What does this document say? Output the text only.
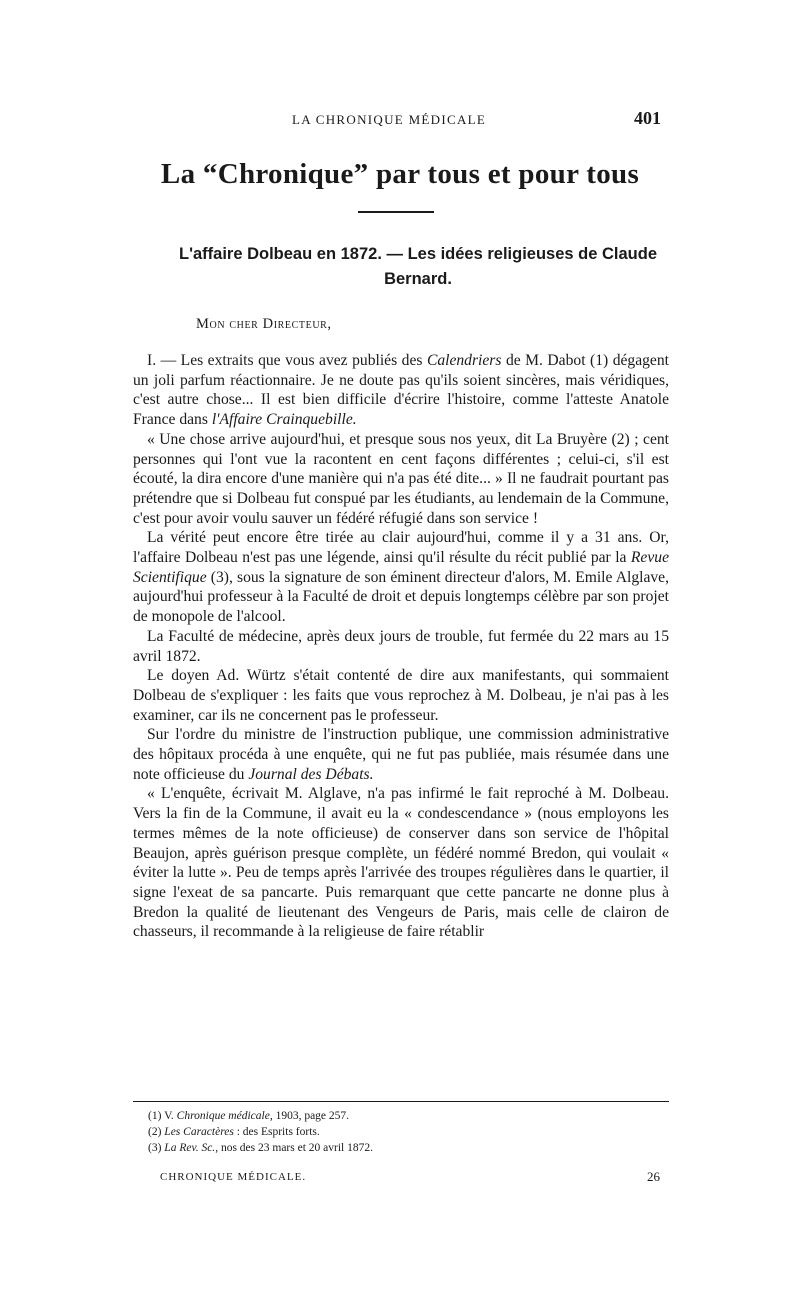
LA CHRONIQUE MÉDICALE	401
La “Chronique” par tous et pour tous
L'affaire Dolbeau en 1872. — Les idées religieuses de Claude Bernard.
Mon cher Directeur,

I. — Les extraits que vous avez publiés des Calendriers de M. Dabot (1) dégagent un joli parfum réactionnaire. Je ne doute pas qu'ils soient sincères, mais véridiques, c'est autre chose... Il est bien difficile d'écrire l'histoire, comme l'atteste Anatole France dans l'Affaire Crainquebille.

« Une chose arrive aujourd'hui, et presque sous nos yeux, dit La Bruyère (2) ; cent personnes qui l'ont vue la racontent en cent façons différentes ; celui-ci, s'il est écouté, la dira encore d'une manière qui n'a pas été dite... » Il ne faudrait pourtant pas prétendre que si Dolbeau fut conspué par les étudiants, au lendemain de la Commune, c'est pour avoir voulu sauver un fédéré réfugié dans son service !

La vérité peut encore être tirée au clair aujourd'hui, comme il y a 31 ans. Or, l'affaire Dolbeau n'est pas une légende, ainsi qu'il résulte du récit publié par la Revue Scientifique (3), sous la signature de son éminent directeur d'alors, M. Emile Alglave, aujourd'hui professeur à la Faculté de droit et depuis longtemps célèbre par son projet de monopole de l'alcool.

La Faculté de médecine, après deux jours de trouble, fut fermée du 22 mars au 15 avril 1872.

Le doyen Ad. Würtz s'était contenté de dire aux manifestants, qui sommaient Dolbeau de s'expliquer : les faits que vous reprochez à M. Dolbeau, je n'ai pas à les examiner, car ils ne concernent pas le professeur.

Sur l'ordre du ministre de l'instruction publique, une commission administrative des hôpitaux procéda à une enquête, qui ne fut pas publiée, mais résumée dans une note officieuse du Journal des Débats.

« L'enquête, écrivait M. Alglave, n'a pas infirmé le fait reproché à M. Dolbeau. Vers la fin de la Commune, il avait eu la « condescendance » (nous employons les termes mêmes de la note officieuse) de conserver dans son service de l'hôpital Beaujon, après guérison presque complète, un fédéré nommé Bredon, qui voulait « éviter la lutte ». Peu de temps après l'arrivée des troupes régulières dans le quartier, il signe l'exeat de sa pancarte. Puis remarquant que cette pancarte ne donne plus à Bredon la qualité de lieutenant des Vengeurs de Paris, mais celle de clairon de chasseurs, il recommande à la religieuse de faire rétablir

(1) V. Chronique médicale, 1903, page 257.
(2) Les Caractères : des Esprits forts.
(3) La Rev. Sc., nos des 23 mars et 20 avril 1872.
CHRONIQUE MÉDICALE.	26
